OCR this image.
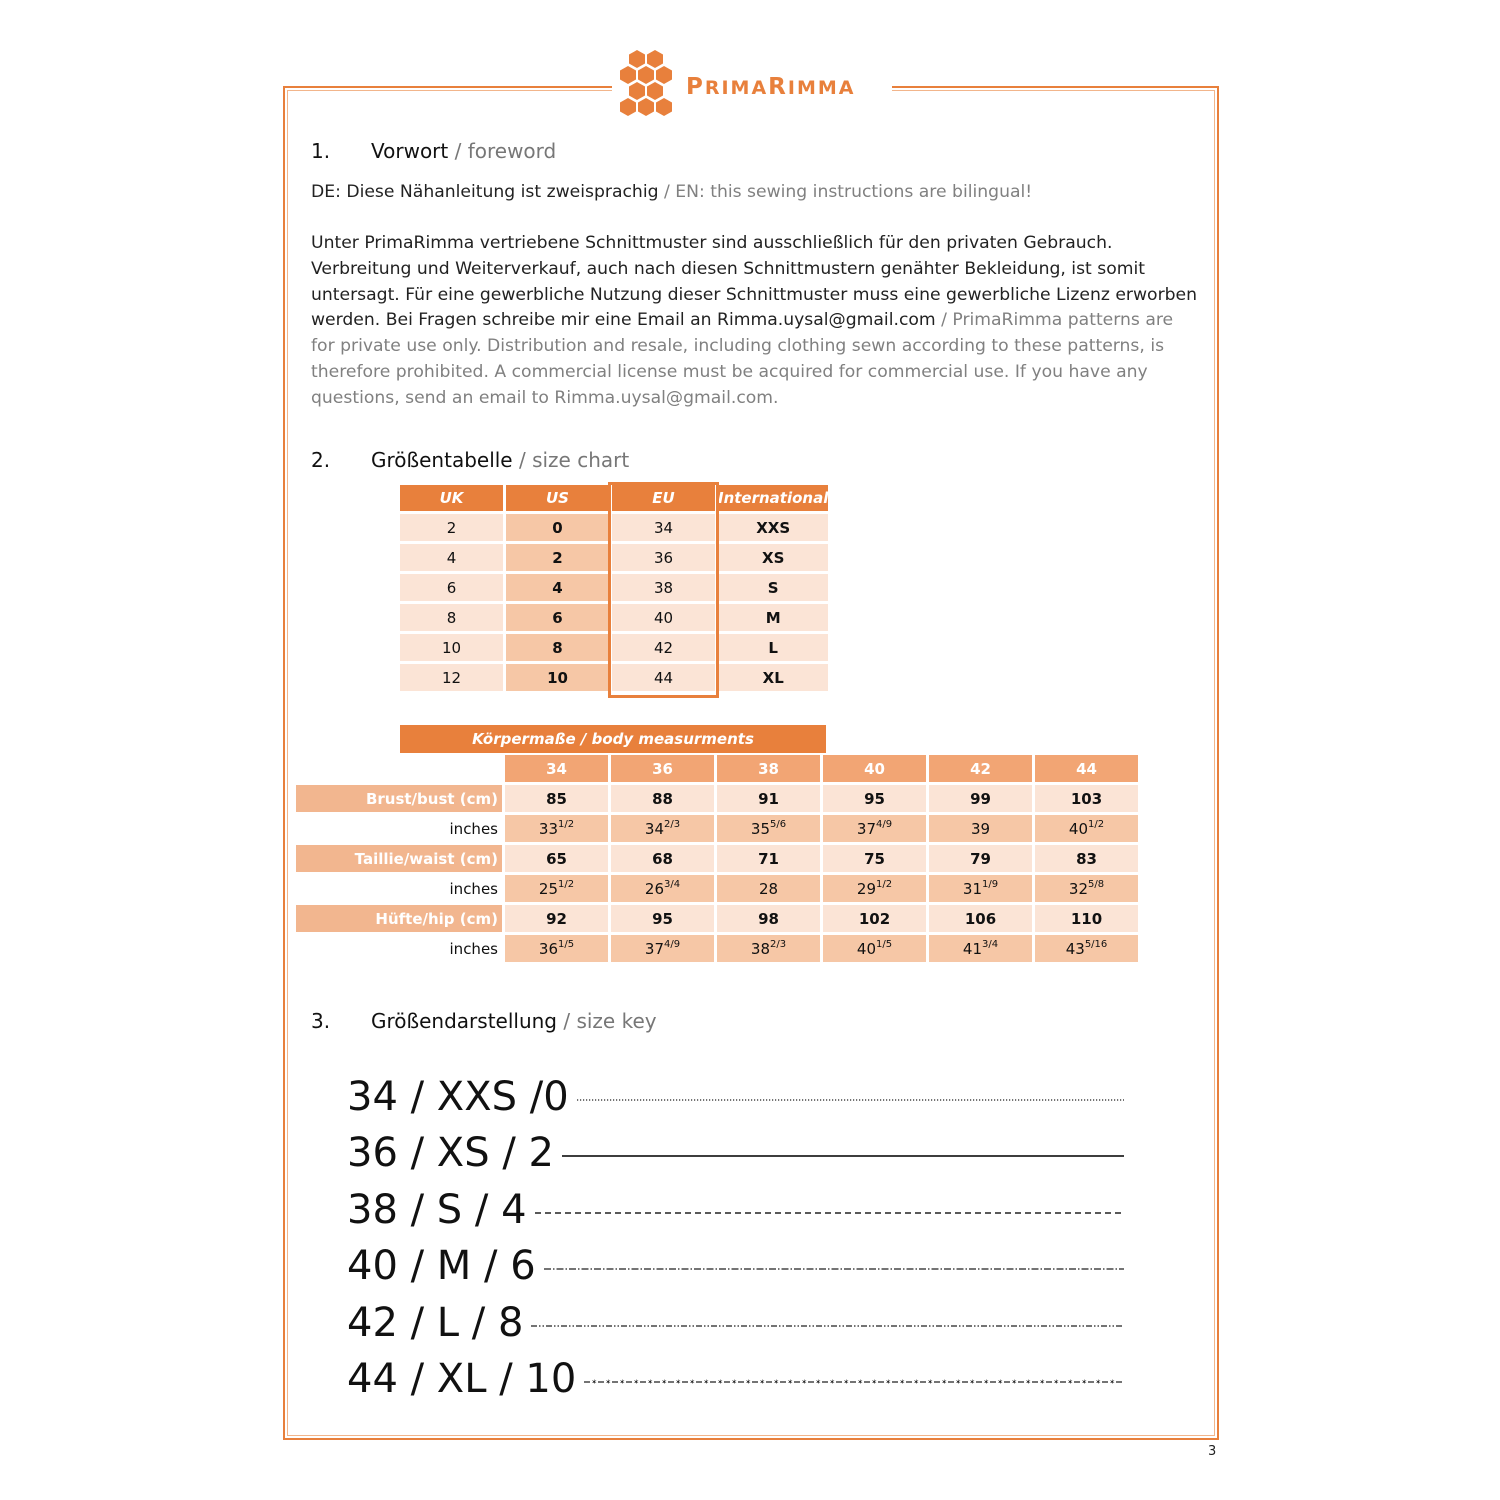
PRIMARIMMA
1. Vorwort / foreword
DE: Diese Nähanleitung ist zweisprachig / EN: this sewing instructions are bilingual!
Unter PrimaRimma vertriebene Schnittmuster sind ausschließlich für den privaten Gebrauch. Verbreitung und Weiterverkauf, auch nach diesen Schnittmustern genähter Bekleidung, ist somit untersagt. Für eine gewerbliche Nutzung dieser Schnittmuster muss eine gewerbliche Lizenz erworben werden. Bei Fragen schreibe mir eine Email an Rimma.uysal@gmail.com / PrimaRimma patterns are for private use only. Distribution and resale, including clothing sewn according to these patterns, is therefore prohibited. A commercial license must be acquired for commercial use. If you have any questions, send an email to Rimma.uysal@gmail.com.
2. Größentabelle / size chart
UK	US	EU	International
2	0	34	XXS
4	2	36	XS
6	4	38	S
8	6	40	M
10	8	42	L
12	10	44	XL
Körpermaße / body measurments
	34	36	38	40	42	44
Brust/bust (cm)	85	88	91	95	99	103
inches	$33^{1/2}$	$34^{2/3}$	$35^{5/6}$	$37^{4/9}$	39	$40^{1/2}$
Taillie/waist (cm)	65	68	71	75	79	83
inches	$25^{1/2}$	$26^{3/4}$	28	$29^{1/2}$	$31^{1/9}$	$32^{5/8}$
Hüfte/hip (cm)	92	95	98	102	106	110
inches	$36^{1/5}$	$37^{4/9}$	$38^{2/3}$	$40^{1/5}$	$41^{3/4}$	$43^{5/16}$
3. Größendarstellung / size key
34 / XXS /0
36 / XS / 2
38 / S / 4
40 / M / 6
42 / L / 8
44 / XL / 10
3
* * * * * * * * * * * * * * * * * * * * * * * * * * * * * * * * * * * * * *
